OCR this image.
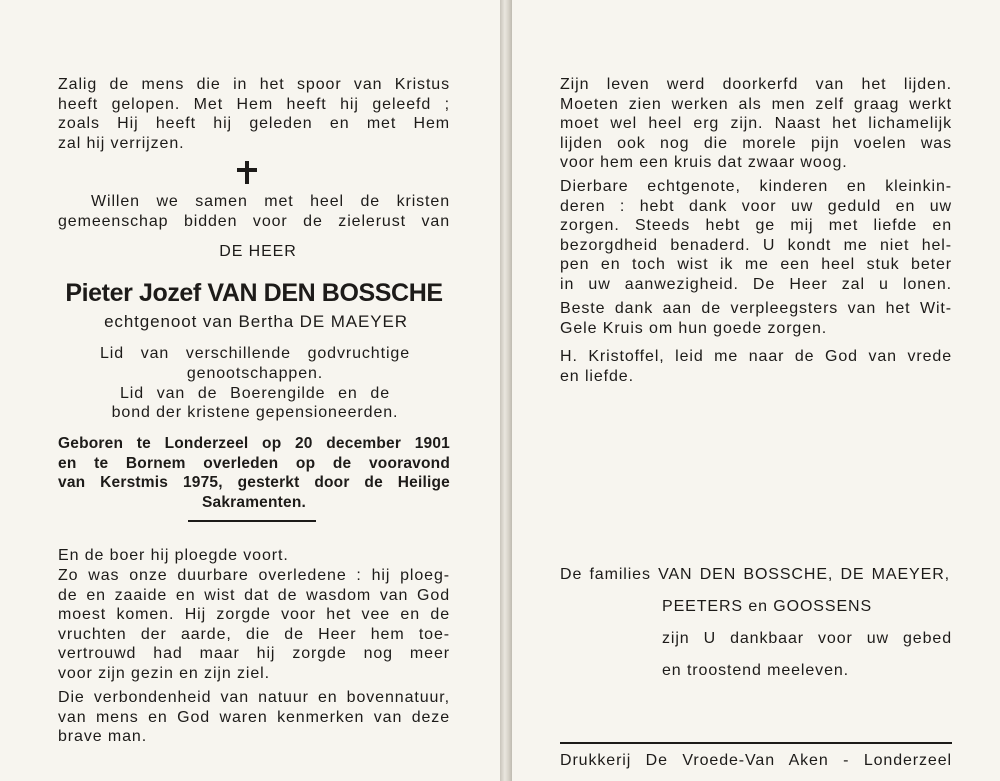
Zalig de mens die in het spoor van Kristus
heeft gelopen. Met Hem heeft hij geleefd ;
zoals Hij heeft hij geleden en met Hem
zal hij verrijzen.
Willen we samen met heel de kristen
gemeenschap bidden voor de zielerust van
DE HEER
Pieter Jozef VAN DEN BOSSCHE
echtgenoot van Bertha DE MAEYER
Lid van verschillende godvruchtige
genootschappen.
Lid van de Boerengilde en de
bond der kristene gepensioneerden.
Geboren te Londerzeel op 20 december 1901
en te Bornem overleden op de vooravond
van Kerstmis 1975, gesterkt door de Heilige
Sakramenten.
En de boer hij ploegde voort.
Zo was onze duurbare overledene : hij ploeg-
de en zaaide en wist dat de wasdom van God
moest komen. Hij zorgde voor het vee en de
vruchten der aarde, die de Heer hem toe-
vertrouwd had maar hij zorgde nog meer
voor zijn gezin en zijn ziel.
Die verbondenheid van natuur en bovennatuur,
van mens en God waren kenmerken van deze
brave man.
Zijn leven werd doorkerfd van het lijden.
Moeten zien werken als men zelf graag werkt
moet wel heel erg zijn. Naast het lichamelijk
lijden ook nog die morele pijn voelen was
voor hem een kruis dat zwaar woog.
Dierbare echtgenote, kinderen en kleinkin-
deren : hebt dank voor uw geduld en uw
zorgen. Steeds hebt ge mij met liefde en
bezorgdheid benaderd. U kondt me niet hel-
pen en toch wist ik me een heel stuk beter
in uw aanwezigheid. De Heer zal u lonen.
Beste dank aan de verpleegsters van het Wit-
Gele Kruis om hun goede zorgen.
H. Kristoffel, leid me naar de God van vrede
en liefde.
De families VAN DEN BOSSCHE, DE MAEYER,
PEETERS en GOOSSENS
zijn U dankbaar voor uw gebed
en troostend meeleven.
Drukkerij De Vroede-Van Aken - Londerzeel
